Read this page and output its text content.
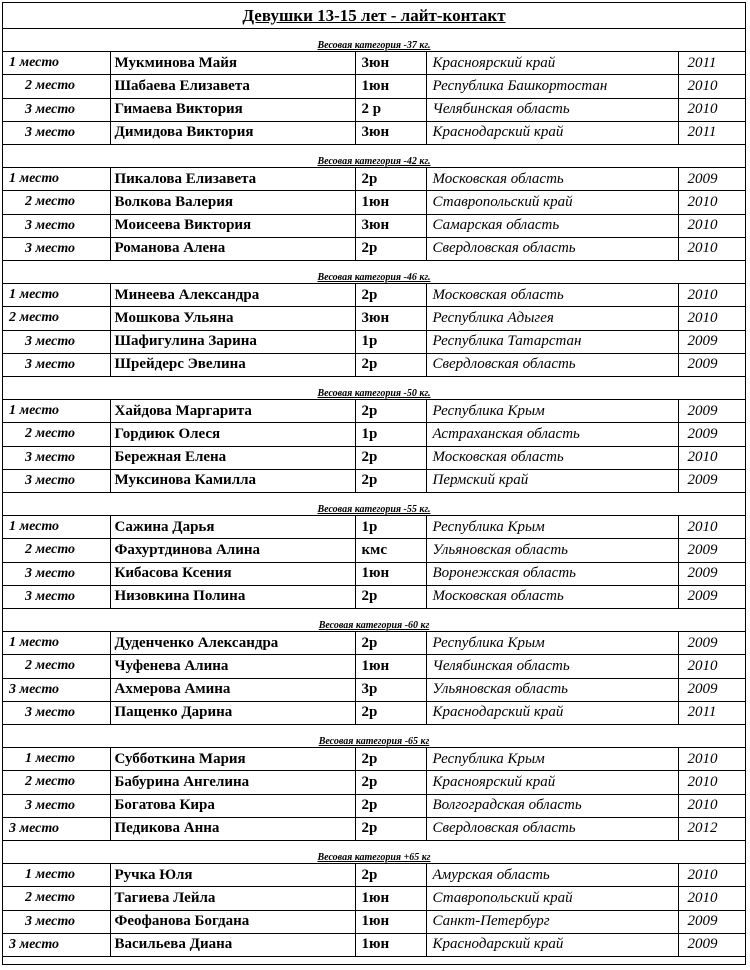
Девушки 13-15 лет - лайт-контакт
Весовая категория -37 кг.				
1 место	Мукминова Майя	3юн	Красноярский край	2011
2 место	Шабаева Елизавета	1юн	Республика Башкортостан	2010
3 место	Гимаева Виктория	2 р	Челябинская область	2010
3 место	Димидова Виктория	3юн	Краснодарский край	2011
Весовая категория -42 кг.				
1 место	Пикалова Елизавета	2р	Московская область	2009
2 место	Волкова Валерия	1юн	Ставропольский край	2010
3 место	Моисеева Виктория	3юн	Самарская область	2010
3 место	Романова Алена	2р	Свердловская область	2010
Весовая категория -46 кг.				
1 место	Минеева Александра	2р	Московская область	2010
2 место	Мошкова Ульяна	3юн	Республика Адыгея	2010
3 место	Шафигулина Зарина	1р	Республика Татарстан	2009
3 место	Шрейдерс Эвелина	2р	Свердловская область	2009
Весовая категория -50 кг.				
1 место	Хайдова Маргарита	2р	Республика Крым	2009
2 место	Гордиюк Олеся	1р	Астраханская область	2009
3 место	Бережная Елена	2р	Московская область	2010
3 место	Муксинова Камилла	2р	Пермский край	2009
Весовая категория -55 кг.				
1 место	Сажина Дарья	1р	Республика Крым	2010
2 место	Фахуртдинова Алина	кмс	Ульяновская область	2009
3 место	Кибасова Ксения	1юн	Воронежская область	2009
3 место	Низовкина Полина	2р	Московская область	2009
Весовая категория -60 кг				
1 место	Дуденченко Александра	2р	Республика Крым	2009
2 место	Чуфенева Алина	1юн	Челябинская область	2010
3 место	Ахмерова Амина	3р	Ульяновская область	2009
3 место	Пащенко Дарина	2р	Краснодарский край	2011
Весовая категория -65 кг				
1 место	Субботкина Мария	2р	Республика Крым	2010
2 место	Бабурина Ангелина	2р	Красноярский край	2010
3 место	Богатова Кира	2р	Волгоградская область	2010
3 место	Педикова Анна	2р	Свердловская область	2012
Весовая категория +65 кг				
1 место	Ручка Юля	2р	Амурская область	2010
2 место	Тагиева Лейла	1юн	Ставропольский край	2010
3 место	Феофанова Богдана	1юн	Санкт-Петербург	2009
3 место	Васильева Диана	1юн	Краснодарский край	2009
